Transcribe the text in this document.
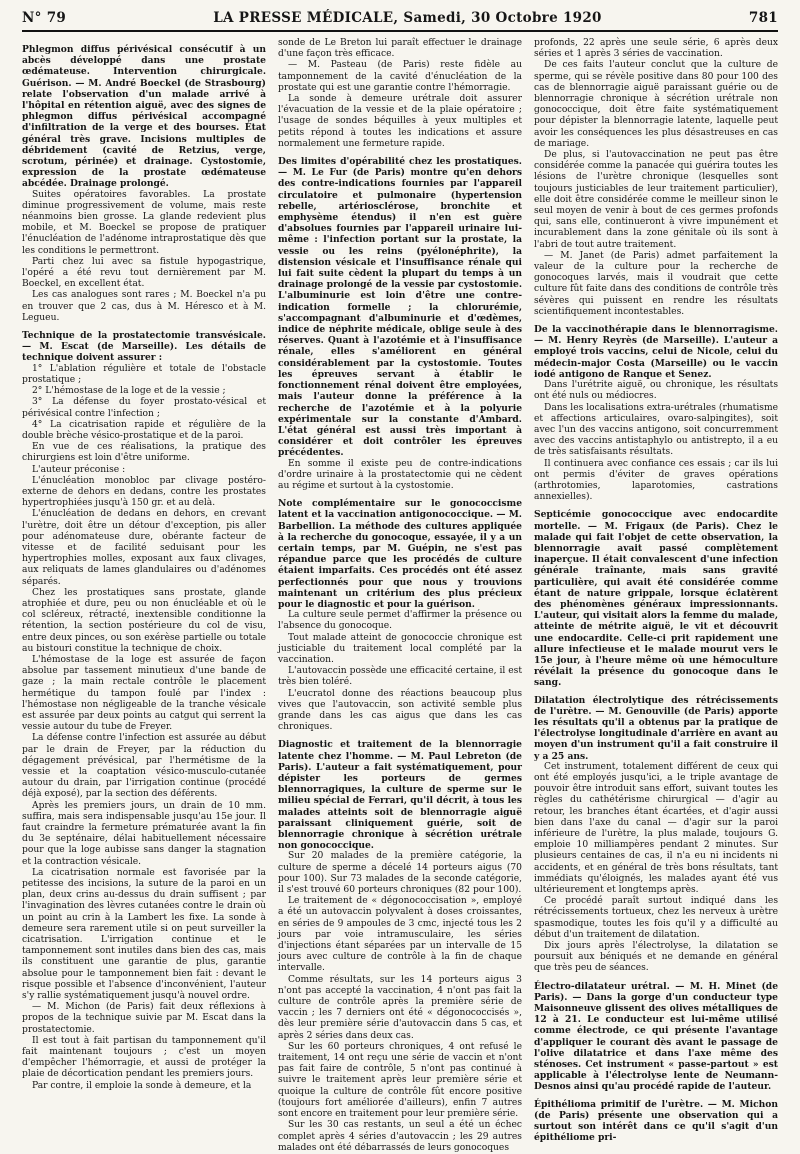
N° 79	LA PRESSE MÉDICALE, Samedi, 30 Octobre 1920	781
Phlegmon diffus périvésical consécutif à un abcès développé dans une prostate œdémateuse. Intervention chirurgicale. Guérison. — M. André Boeckel (de Strasbourg) relate l'observation d'un malade arrivé à l'hôpital en rétention aiguë, avec des signes de phlegmon diffus périvésical accompagné d'infiltration de la verge et des bourses. État général très grave. Incisions multiples de débridement (cavité de Retzius, verge, scrotum, périnée) et drainage. Cystostomie, expression de la prostate œdémateuse abcédée. Drainage prolongé.

Suites opératoires favorables. La prostate diminue progressivement de volume, mais reste néanmoins bien grosse. La glande redevient plus mobile, et M. Boeckel se propose de pratiquer l'énucléation de l'adénome intraprostatique dès que les conditions le permettront.

Parti chez lui avec sa fistule hypogastrique, l'opéré a été revu tout dernièrement par M. Boeckel, en excellent état.

Les cas analogues sont rares ; M. Boeckel n'a pu en trouver que 2 cas, dus à M. Héresco et à M. Legueu.

Technique de la prostatectomie transvésicale. — M. Escat (de Marseille). Les détails de technique doivent assurer :

1° L'ablation régulière et totale de l'obstacle prostatique ;

2° L'hémostase de la loge et de la vessie ;

3° La défense du foyer prostato-vésical et périvésical contre l'infection ;

4° La cicatrisation rapide et régulière de la double brèche vésico-prostatique et de la paroi.

En vue de ces réalisations, la pratique des chirurgiens est loin d'être uniforme.

L'auteur préconise :

L'énucléation monobloc par clivage postéro-externe de dehors en dedans, contre les prostates hypertrophiées jusqu'à 150 gr. et au delà.

L'énucléation de dedans en dehors, en crevant l'urètre, doit être un détour d'exception, pis aller pour adénomateuse dure, obérante facteur de vitesse et de facilité seduisant pour les hypertrophies molles, exposant aux faux clivages, aux reliquats de lames glandulaires ou d'adénomes séparés.

Chez les prostatiques sans prostate, glande atrophiée et dure, peu ou non énucléable et où le col scléreux, rétracté, inextensible conditionne la rétention, la section postérieure du col de visu, entre deux pinces, ou son exérèse partielle ou totale au bistouri constitue la technique de choix.

L'hémostase de la loge est assurée de façon absolue par tassement minutieux d'une bande de gaze ; la main rectale contrôle le placement hermétique du tampon foulé par l'index : l'hémostase non négligeable de la tranche vésicale est assurée par deux points au catgut qui serrent la vessie autour du tube de Freyer.

La défense contre l'infection est assurée au début par le drain de Freyer, par la réduction du dégagement prévésical, par l'hermétisme de la vessie et la coaptation vésico-musculo-cutanée autour du drain, par l'irrigation continue (procédé déjà exposé), par la section des déférents.

Après les premiers jours, un drain de 10 mm. suffira, mais sera indispensable jusqu'au 15e jour. Il faut craindre la fermeture prématurée avant la fin du 3e septénaire, délai habituellement nécessaire pour que la loge aubisse sans danger la stagnation et la contraction vésicale.

La cicatrisation normale est favorisée par la petitesse des incisions, la suture de la paroi en un plan, deux crins au-dessus du drain suffisent ; par l'invagination des lèvres cutanées contre le drain où un point au crin à la Lambert les fixe. La sonde à demeure sera rarement utile si on peut surveiller la cicatrisation. L'irrigation continue et le tamponnement sont inutiles dans bien des cas, mais ils constituent une garantie de plus, garantie absolue pour le tamponnement bien fait : devant le risque possible et l'absence d'inconvénient, l'auteur s'y rallie systématiquement jusqu'à nouvel ordre.

— M. Michon (de Paris) fait deux réflexions à propos de la technique suivie par M. Escat dans la prostatectomie.

Il est tout à fait partisan du tamponnement qu'il fait maintenant toujours ; c'est un moyen d'empêcher l'hémorragie, et aussi de protéger la plaie de décortication pendant les premiers jours.

Par contre, il emploie la sonde à demeure, et la

sonde de Le Breton lui paraît effectuer le drainage d'une façon très efficace.

— M. Pasteau (de Paris) reste fidèle au tamponnement de la cavité d'énucléation de la prostate qui est une garantie contre l'hémorragie.

La sonde à demeure urétrale doit assurer l'évacuation de la vessie et de la plaie opératoire ; l'usage de sondes béquilles à yeux multiples et petits répond à toutes les indications et assure normalement une fermeture rapide.

Des limites d'opérabilité chez les prostatiques. — M. Le Fur (de Paris) montre qu'en dehors des contre-indications fournies par l'appareil circulatoire et pulmonaire (hypertension rebelle, artériosclérose, bronchite et emphysème étendus) il n'en est guère d'absolues fournies par l'appareil urinaire lui-même : l'infection portant sur la prostate, la vessie ou les reins (pyélonéphrite), la distension vésicale et l'insuffisance rénale qui lui fait suite cèdent la plupart du temps à un drainage prolongé de la vessie par cystostomie. L'albuminurie est loin d'être une contre-indication formelle ; la chlorurémie, s'accompagnant d'albuminurie et d'œdèmes, indice de néphrite médicale, oblige seule à des réserves. Quant à l'azotémie et à l'insuffisance rénale, elles s'améliorent en général considérablement par la cystostomie. Toutes les épreuves servant à établir le fonctionnement rénal doivent être employées, mais l'auteur donne la préférence à la recherche de l'azotémie et à la polyurie expérimentale sur la constante d'Ambard. L'état général est aussi très important à considérer et doit contrôler les épreuves précédentes.

En somme il existe peu de contre-indications d'ordre urinaire à la prostatectomie qui ne cèdent au régime et surtout à la cystostomie.

Note complémentaire sur le gonococcisme latent et la vaccination antigonococcique. — M. Barbellion. La méthode des cultures appliquée à la recherche du gonocoque, essayée, il y a un certain temps, par M. Guépin, ne s'est pas répandue parce que les procédés de culture étaient imparfaits. Ces procédés ont été assez perfectionnés pour que nous y trouvions maintenant un critérium des plus précieux pour le diagnostic et pour la guérison.

La culture seule permet d'affirmer la présence ou l'absence du gonocoque.

Tout malade atteint de gonococcie chronique est justiciable du traitement local complété par la vaccination.

L'autovaccin possède une efficacité certaine, il est très bien toléré.

L'eucratol donne des réactions beaucoup plus vives que l'autovaccin, son activité semble plus grande dans les cas aigus que dans les cas chroniques.

Diagnostic et traitement de la blennorragie latente chez l'homme. — M. Paul Lebreton (de Paris). L'auteur a fait systématiquement, pour dépister les porteurs de germes blennorragiques, la culture de sperme sur le milieu spécial de Ferrari, qu'il décrit, à tous les malades atteints soit de blennorragie aiguë paraissant cliniquement guérie, soit de blennorragie chronique à sécrétion urétrale non gonococcique.

Sur 20 malades de la première catégorie, la culture de sperme a décelé 14 porteurs aigus (70 pour 100). Sur 73 malades de la seconde catégorie, il s'est trouvé 60 porteurs chroniques (82 pour 100).

Le traitement de « dégonococcisation », employé a été un autovaccin polyvalent à doses croissantes, en séries de 9 ampoules de 3 cmc, injecté tous les 2 jours par voie intramusculaire, les séries d'injections étant séparées par un intervalle de 15 jours avec culture de contrôle à la fin de chaque intervalle.

Comme résultats, sur les 14 porteurs aigus 3 n'ont pas accepté la vaccination, 4 n'ont pas fait la culture de contrôle après la première série de vaccin ; les 7 derniers ont été « dégonococcisés », dès leur première série d'autovaccin dans 5 cas, et après 2 séries dans deux cas.

Sur les 60 porteurs chroniques, 4 ont refusé le traitement, 14 ont reçu une série de vaccin et n'ont pas fait faire de contrôle, 5 n'ont pas continué à suivre le traitement après leur première série et quoique la culture de contrôle fût encore positive (toujours fort améliorée d'ailleurs), enfin 7 autres sont encore en traitement pour leur première série.

Sur les 30 cas restants, un seul a été un échec complet après 4 séries d'autovaccin ; les 29 autres malades ont été débarrassés de leurs gonocoques

profonds, 22 après une seule série, 6 après deux séries et 1 après 3 séries de vaccination.

De ces faits l'auteur conclut que la culture de sperme, qui se révèle positive dans 80 pour 100 des cas de blennorragie aiguë paraissant guérie ou de blennorragie chronique à sécrétion urétrale non gonococcique, doit être faite systématiquement pour dépister la blennorragie latente, laquelle peut avoir les conséquences les plus désastreuses en cas de mariage.

De plus, si l'autovaccination ne peut pas être considérée comme la panacée qui guérira toutes les lésions de l'urètre chronique (lesquelles sont toujours justiciables de leur traitement particulier), elle doit être considérée comme le meilleur sinon le seul moyen de venir à bout de ces germes profonds qui, sans elle, continueront à vivre impunément et incurablement dans la zone génitale où ils sont à l'abri de tout autre traitement.

— M. Janet (de Paris) admet parfaitement la valeur de la culture pour la recherche de gonocoques larvés, mais il voudrait que cette culture fût faite dans des conditions de contrôle très sévères qui puissent en rendre les résultats scientifiquement incontestables.

De la vaccinothérapie dans le blennorragisme. — M. Henry Reyrès (de Marseille). L'auteur a employé trois vaccins, celui de Nicole, celui du médecin-major Costa (Marseille) ou le vaccin iodé antigono de Ranque et Senez.

Dans l'urétrite aiguë, ou chronique, les résultats ont été nuls ou médiocres.

Dans les localisations extra-urétrales (rhumatisme et affections articulaires, ovaro-salpingites), soit avec l'un des vaccins antigono, soit concurremment avec des vaccins antistaphylo ou antistrepto, il a eu de très satisfaisants résultats.

Il continuera avec confiance ces essais ; car ils lui ont permis d'éviter de graves opérations (arthrotomies, laparotomies, castrations annexielles).

Septicémie gonococcique avec endocardite mortelle. — M. Frigaux (de Paris). Chez le malade qui fait l'objet de cette observation, la blennorragie avait passé complètement inaperçue. Il était convalescent d'une infection générale traînante, mais sans gravité particulière, qui avait été considérée comme étant de nature grippale, lorsque éclatèrent des phénomènes généraux impressionnants. L'auteur, qui visitait alors la femme du malade, atteinte de métrite aiguë, le vit et découvrit une endocardite. Celle-ci prit rapidement une allure infectieuse et le malade mourut vers le 15e jour, à l'heure même où une hémoculture révélait la présence du gonocoque dans le sang.
Dilatation électrolytique des rétrécissements de l'urètre. — M. Genouville (de Paris) apporte les résultats qu'il a obtenus par la pratique de l'électrolyse longitudinale d'arrière en avant au moyen d'un instrument qu'il a fait construire il y a 25 ans.

Cet instrument, totalement différent de ceux qui ont été employés jusqu'ici, a le triple avantage de pouvoir être introduit sans effort, suivant toutes les règles du cathétérisme chirurgical — d'agir au retour, les branches étant écartées, et d'agir aussi bien dans l'axe du canal — d'agir sur la paroi inférieure de l'urètre, la plus malade, toujours G. emploie 10 milliampères pendant 2 minutes. Sur plusieurs centaines de cas, il n'a eu ni incidents ni accidents, et en général de très bons résultats, tant immédiats qu'éloignés, les malades ayant été vus ultérieurement et longtemps après.

Ce procédé paraît surtout indiqué dans les rétrécissements tortueux, chez les nerveux à urètre spasmodique, toutes les fois qu'il y a difficulté au début d'un traitement de dilatation.

Dix jours après l'électrolyse, la dilatation se poursuit aux béniqués et ne demande en général que très peu de séances.

Électro-dilatateur urétral. — M. H. Minet (de Paris). — Dans la gorge d'un conducteur type Maisonneuve glissent des olives métalliques de 12 à 21. Le conducteur est lui-même utilisé comme électrode, ce qui présente l'avantage d'appliquer le courant dès avant le passage de l'olive dilatatrice et dans l'axe même des sténoses. Cet instrument « passe-partout » est applicable à l'électrolyse lente de Neumann-Desnos ainsi qu'au procédé rapide de l'auteur.
Épithélioma primitif de l'urètre. — M. Michon (de Paris) présente une observation qui a surtout son intérêt dans ce qu'il s'agit d'un épithéliome pri-
